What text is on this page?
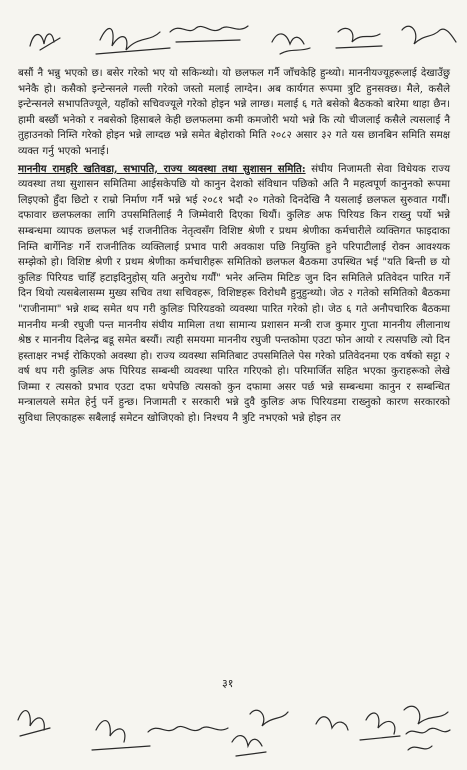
बसौं नै भन्नु भएको छ। बसेर गरेको भए यो सकिन्थ्यो। यो छलफल गर्नै जाँचकेहि हुन्थ्यो। माननीयज्यूहरूलाई देखाउँछु भनेकै हो। कसैको इन्टेन्सनले गल्ती गरेको जस्तो मलाई लाग्देन। अब कार्यगत रूपमा त्रुटि हुनसक्छ। मैले, कसैले इन्टेन्सनले सभापतिज्यूले, यहाँको सचिवज्यूले गरेको होइन भन्ने लाग्छ। मलाई ६ गते बसेको बैठकको बारेमा थाहा छैन। हामी बस्छौं भनेको र नबसेको हिसाबले केही छलफलमा कमी कमजोरी भयो भन्ने कि त्यो चीजलाई कसैले त्यसलाई नै तुहाउनको निम्ति गरेको होइन भन्ने लाग्दछ भन्ने समेत बेहोराको मिति २०८२ असार ३२ गते यस छानबिन समिति समक्ष व्यक्त गर्नु भएको भनाई।

माननीय रामहरि खतिवडा, सभापति, राज्य व्यवस्था तथा सुशासन समिति: संघीय निजामती सेवा विधेयक राज्य व्यवस्था तथा सुशासन समितिमा आईसकेपछि यो कानुन देशको संविधान पछिको अति नै महत्वपूर्ण कानुनको रूपमा लिइएको हुँदा छिटो र राम्रो निर्माण गर्नै भन्ने भई २०८१ भदौ २० गतेको दिनदेखि नै यसलाई छलफल सुरुवात गर्यौं। दफावार छलफलका लागि उपसमितिलाई नै जिम्मेवारी दिएका थियौं। कुलिङ अफ पिरियड किन राख्नु पर्यो भन्ने सम्बन्धमा व्यापक छलफल भई राजनीतिक नेतृत्वसँग विशिष्ट श्रेणी र प्रथम श्रेणीका कर्मचारीले व्यक्तिगत फाइदाका निम्ति बार्गेनिङ गर्ने राजनीतिक व्यक्तिलाई प्रभाव पारी अवकाश पछि नियुक्ति हुने परिपाटीलाई रोक्न आवश्यक सम्झेको हो। विशिष्ट श्रेणी र प्रथम श्रेणीका कर्मचारीहरू समितिको छलफल बैठकमा उपस्थित भई "यति बिन्ती छ यो कुलिङ पिरियड चाहिँ हटाइदिनुहोस् यति अनुरोध गर्यौं" भनेर अन्तिम मिटिङ जुन दिन समितिले प्रतिवेदन पारित गर्ने दिन थियो त्यसबेलासम्म मुख्य सचिव तथा सचिवहरू, विशिष्टहरू विरोधमै हुनुहुन्थ्यो। जेठ २ गतेको समितिको बैठकमा "राजीनामा" भन्ने शब्द समेत थप गरी कुलिङ पिरियडको व्यवस्था पारित गरेको हो। जेठ ६ गते अनौपचारिक बैठकमा माननीय मन्त्री रघुजी पन्त माननीय संघीय मामिला तथा सामान्य प्रशासन मन्त्री राज कुमार गुप्ता माननीय लीलानाथ श्रेष्ठ र माननीय दिलेन्द्र बडू समेत बस्यौं। त्यही समयमा माननीय रघुजी पन्तकोमा एउटा फोन आयो र त्यसपछि त्यो दिन हस्ताक्षर नभई रोकिएको अवस्था हो। राज्य व्यवस्था समितिबाट उपसमितिले पेस गरेको प्रतिवेदनमा एक वर्षको सट्टा २ वर्ष थप गरी कुलिङ अफ पिरियड सम्बन्धी व्यवस्था पारित गरिएको हो। परिमार्जित सहित भएका कुराहरूको लेखे जिम्मा र त्यसको प्रभाव एउटा दफा थपेपछि त्यसको कुन दफामा असर पर्छ भन्ने सम्बन्धमा कानुन र सम्बन्धित मन्त्रालयले समेत हेर्नु पर्ने हुन्छ। निजामती र सरकारी भन्ने दुवै कुलिङ अफ पिरियडमा राख्नुको कारण सरकारको सुविधा लिएकाहरू सबैलाई समेटन खोजिएको हो। निश्चय नै त्रुटि नभएको भन्ने होइन तर

३१
